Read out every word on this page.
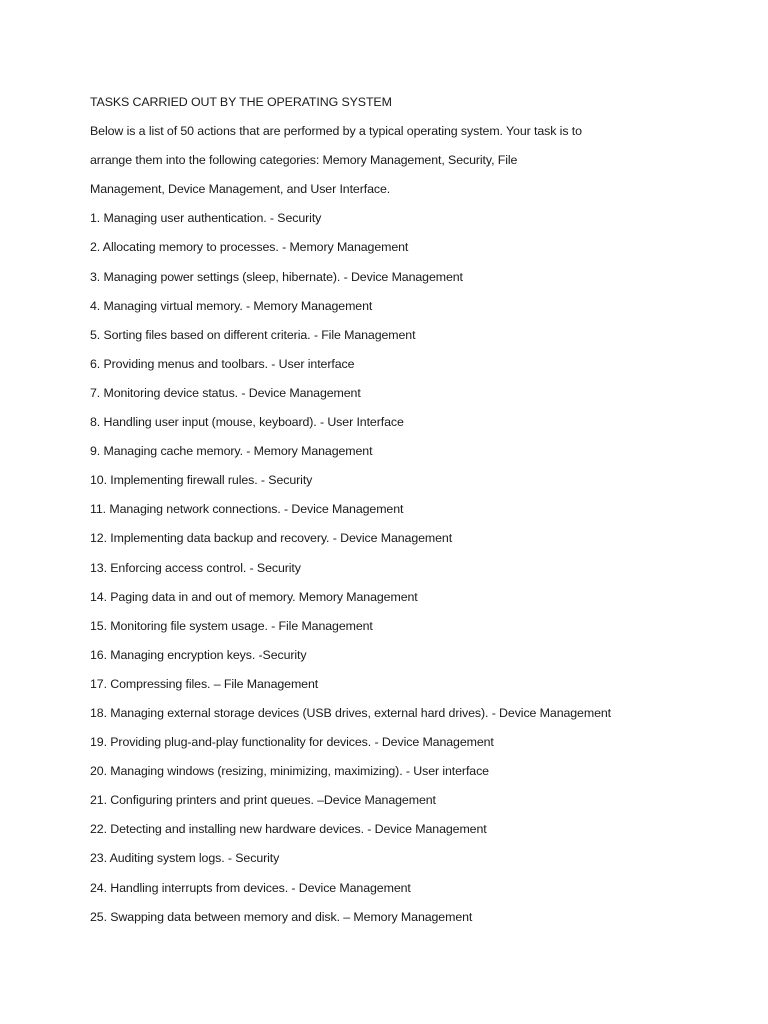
TASKS CARRIED OUT BY THE OPERATING SYSTEM
Below is a list of 50 actions that are performed by a typical operating system. Your task is to
arrange them into the following categories: Memory Management, Security, File
Management, Device Management, and User Interface.
1. Managing user authentication. - Security
2. Allocating memory to processes. - Memory Management
3. Managing power settings (sleep, hibernate). - Device Management
4. Managing virtual memory. - Memory Management
5. Sorting files based on different criteria. - File Management
6. Providing menus and toolbars. - User interface
7. Monitoring device status. - Device Management
8. Handling user input (mouse, keyboard). - User Interface
9. Managing cache memory. - Memory Management
10. Implementing firewall rules. - Security
11. Managing network connections. - Device Management
12. Implementing data backup and recovery. - Device Management
13. Enforcing access control. - Security
14. Paging data in and out of memory. Memory Management
15. Monitoring file system usage. - File Management
16. Managing encryption keys. -Security
17. Compressing files. – File Management
18. Managing external storage devices (USB drives, external hard drives). - Device Management
19. Providing plug-and-play functionality for devices. - Device Management
20. Managing windows (resizing, minimizing, maximizing). - User interface
21. Configuring printers and print queues. –Device Management
22. Detecting and installing new hardware devices. - Device Management
23. Auditing system logs. - Security
24. Handling interrupts from devices. - Device Management
25. Swapping data between memory and disk. – Memory Management
